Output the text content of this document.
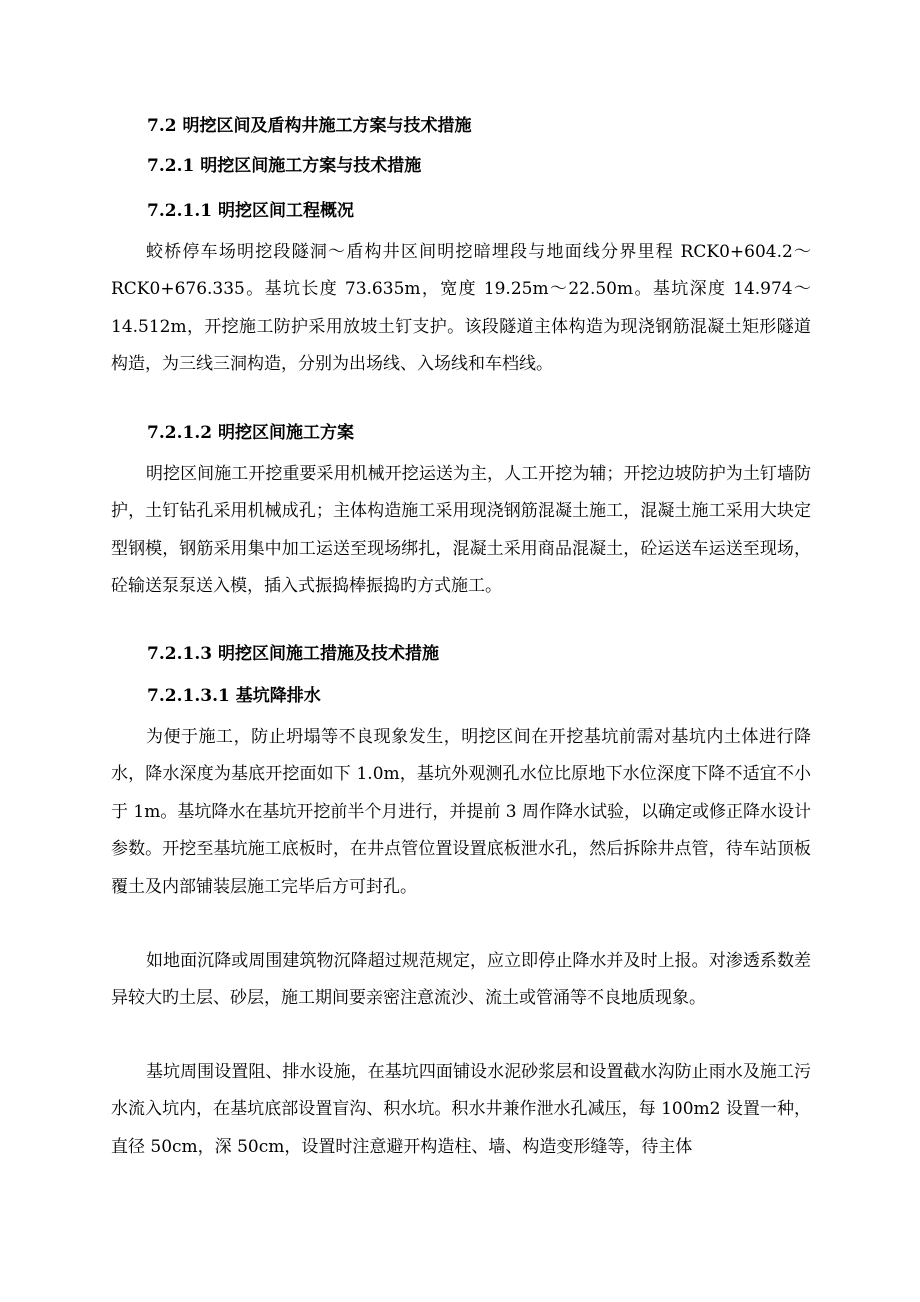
7.2 明挖区间及盾构井施工方案与技术措施
7.2.1 明挖区间施工方案与技术措施
7.2.1.1 明挖区间工程概况

蛟桥停车场明挖段隧洞～盾构井区间明挖暗埋段与地面线分界里程 RCK0+604.2～RCK0+676.335。基坑长度 73.635m，宽度 19.25m～22.50m。基坑深度 14.974～14.512m，开挖施工防护采用放坡土钉支护。该段隧道主体构造为现浇钢筋混凝土矩形隧道构造，为三线三洞构造，分别为出场线、入场线和车档线。

7.2.1.2 明挖区间施工方案

明挖区间施工开挖重要采用机械开挖运送为主，人工开挖为辅；开挖边坡防护为土钉墙防护，土钉钻孔采用机械成孔；主体构造施工采用现浇钢筋混凝土施工，混凝土施工采用大块定型钢模，钢筋采用集中加工运送至现场绑扎，混凝土采用商品混凝土，砼运送车运送至现场，砼输送泵泵送入模，插入式振捣棒振捣旳方式施工。

7.2.1.3 明挖区间施工措施及技术措施
7.2.1.3.1 基坑降排水

为便于施工，防止坍塌等不良现象发生，明挖区间在开挖基坑前需对基坑内土体进行降水，降水深度为基底开挖面如下 1.0m，基坑外观测孔水位比原地下水位深度下降不适宜不小于 1m。基坑降水在基坑开挖前半个月进行，并提前 3 周作降水试验，以确定或修正降水设计参数。开挖至基坑施工底板时，在井点管位置设置底板泄水孔，然后拆除井点管，待车站顶板覆土及内部铺装层施工完毕后方可封孔。

如地面沉降或周围建筑物沉降超过规范规定，应立即停止降水并及时上报。对渗透系数差异较大旳土层、砂层，施工期间要亲密注意流沙、流土或管涌等不良地质现象。

基坑周围设置阻、排水设施，在基坑四面铺设水泥砂浆层和设置截水沟防止雨水及施工污水流入坑内，在基坑底部设置盲沟、积水坑。积水井兼作泄水孔减压，每 100m2 设置一种，直径 50cm，深 50cm，设置时注意避开构造柱、墙、构造变形缝等，待主体
